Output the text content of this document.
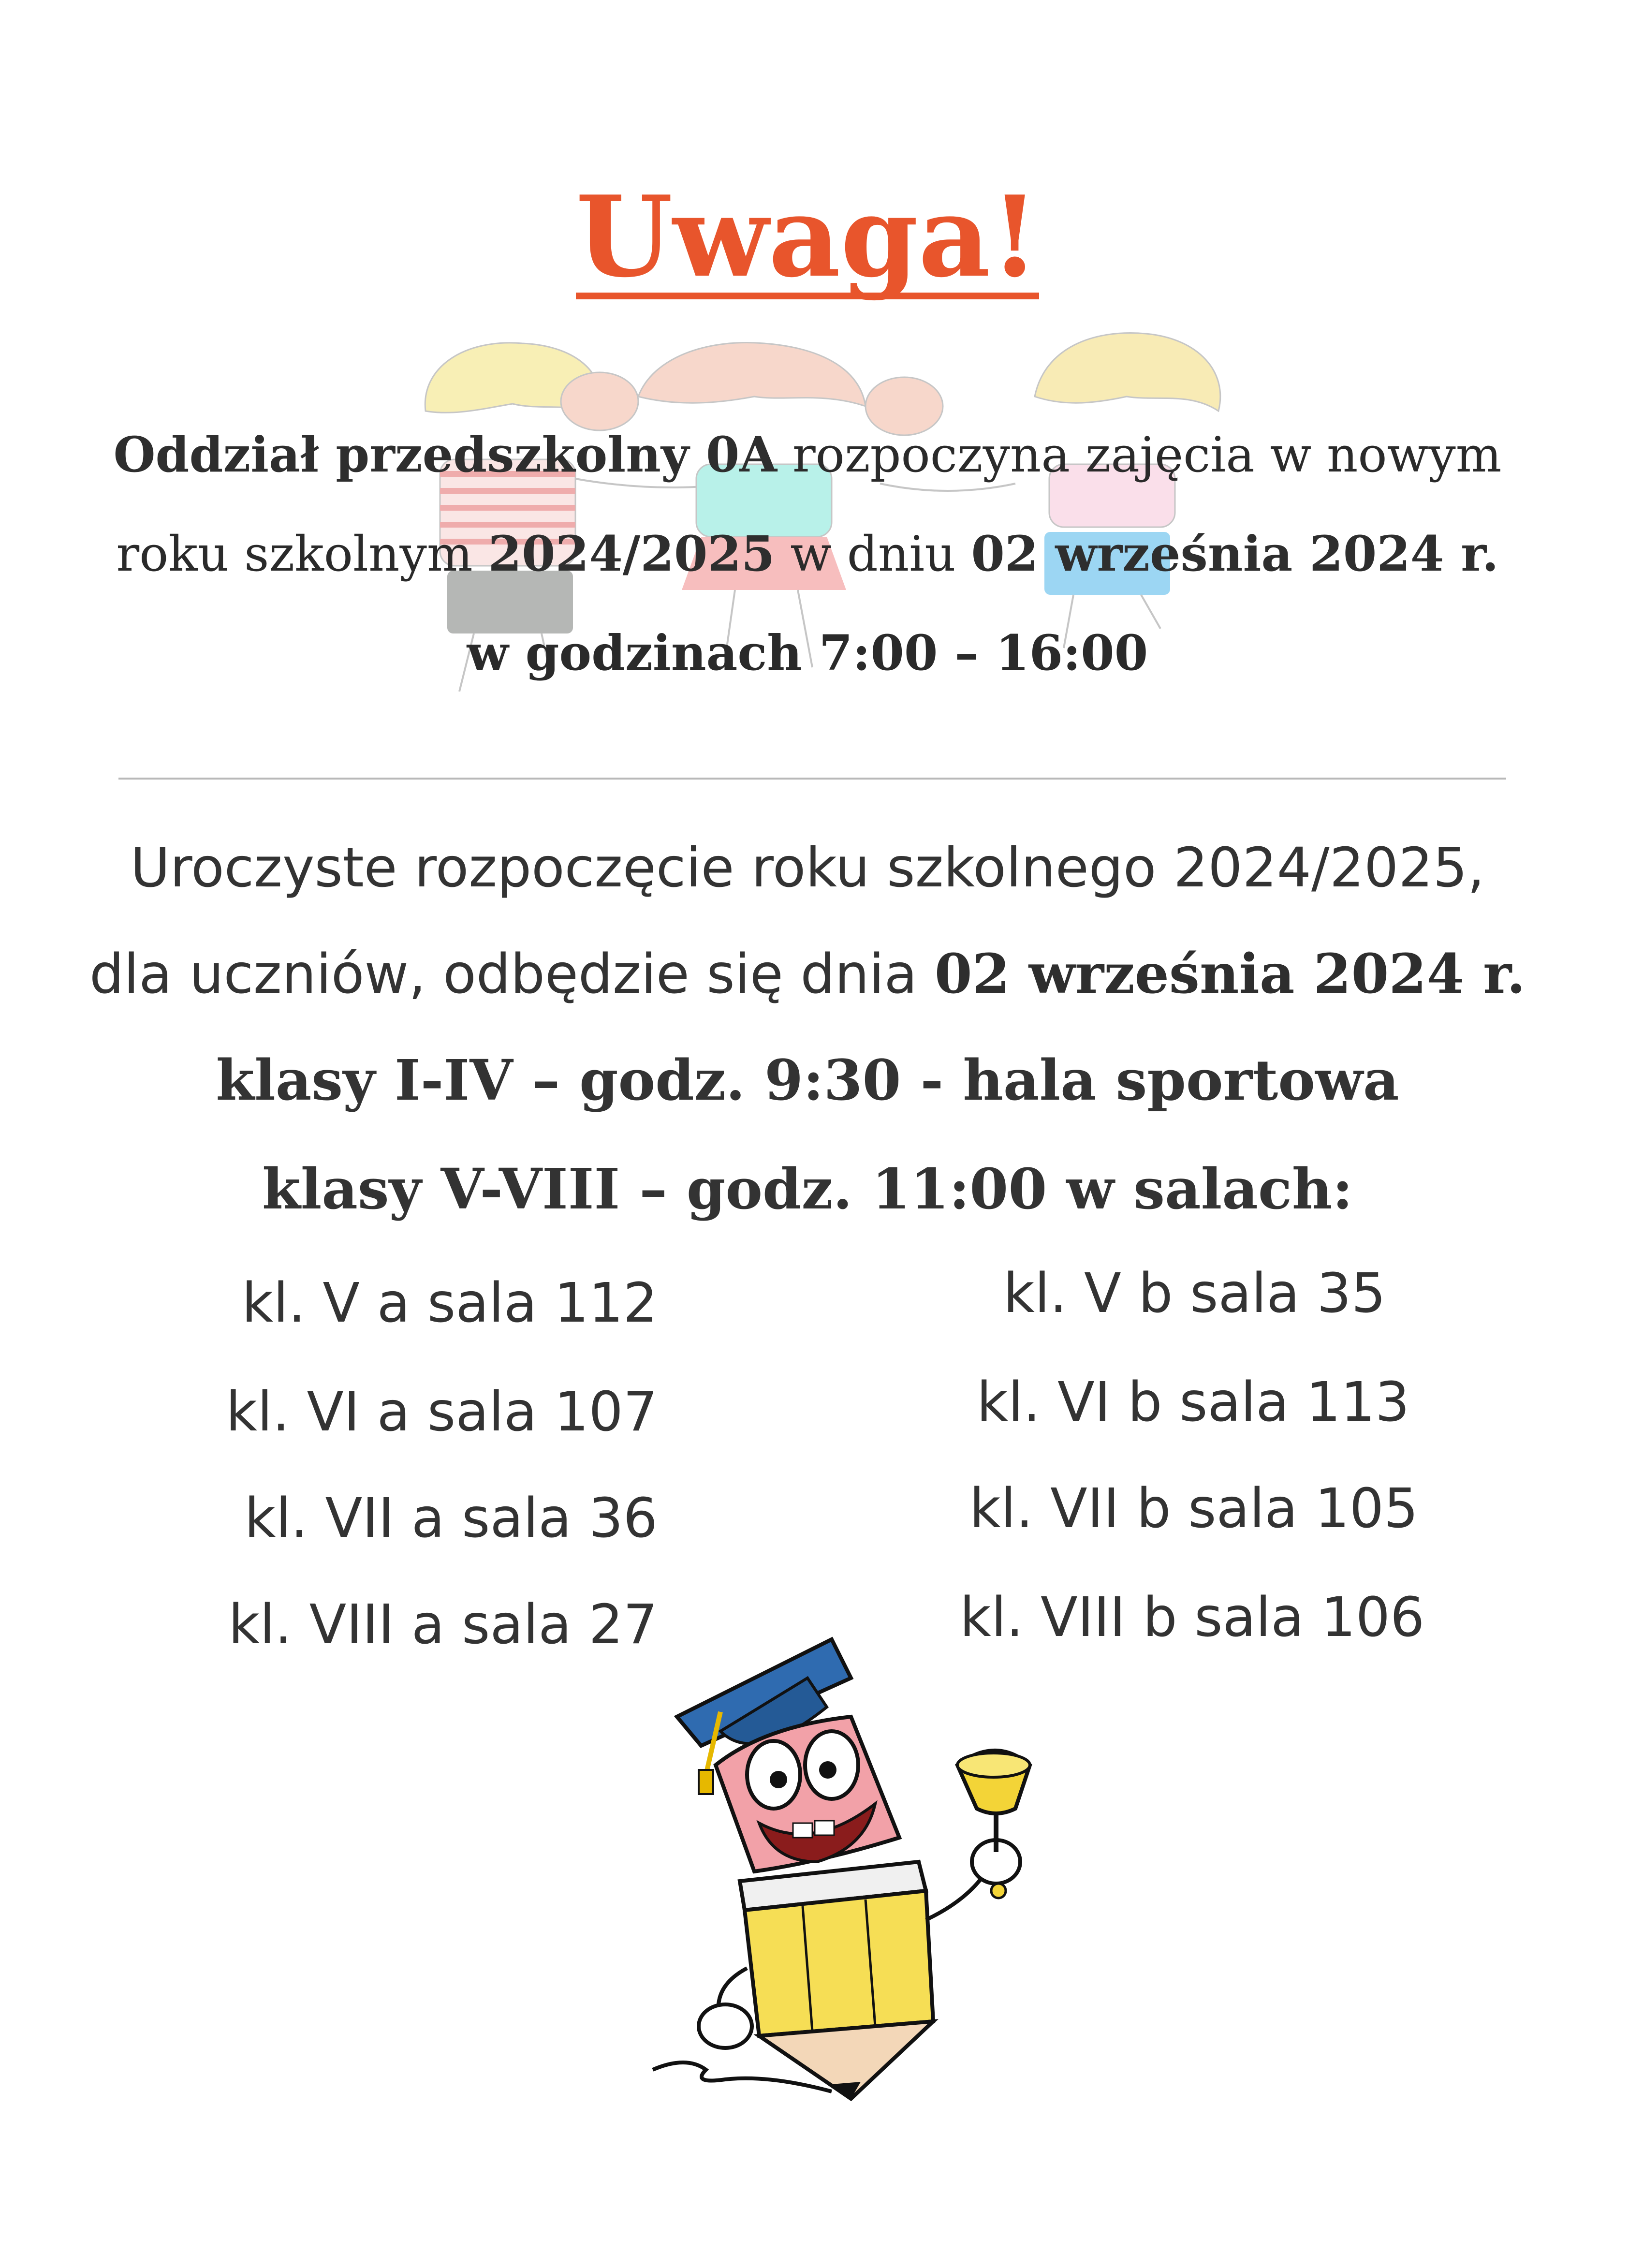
Uwaga!
Oddział przedszkolny 0A rozpoczyna zajęcia w nowym
roku szkolnym 2024/2025 w dniu 02 września 2024 r.
w godzinach 7:00 – 16:00
Uroczyste rozpoczęcie roku szkolnego 2024/2025,
dla uczniów, odbędzie się dnia 02 września 2024 r.
klasy I-IV – godz. 9:30 - hala sportowa
klasy V-VIII – godz. 11:00 w salach:
kl. V a sala 112
kl. VI a sala 107
kl. VII a sala 36
kl. VIII a sala 27
kl. V b sala 35
kl. VI b sala 113
kl. VII b sala 105
kl. VIII b sala 106
